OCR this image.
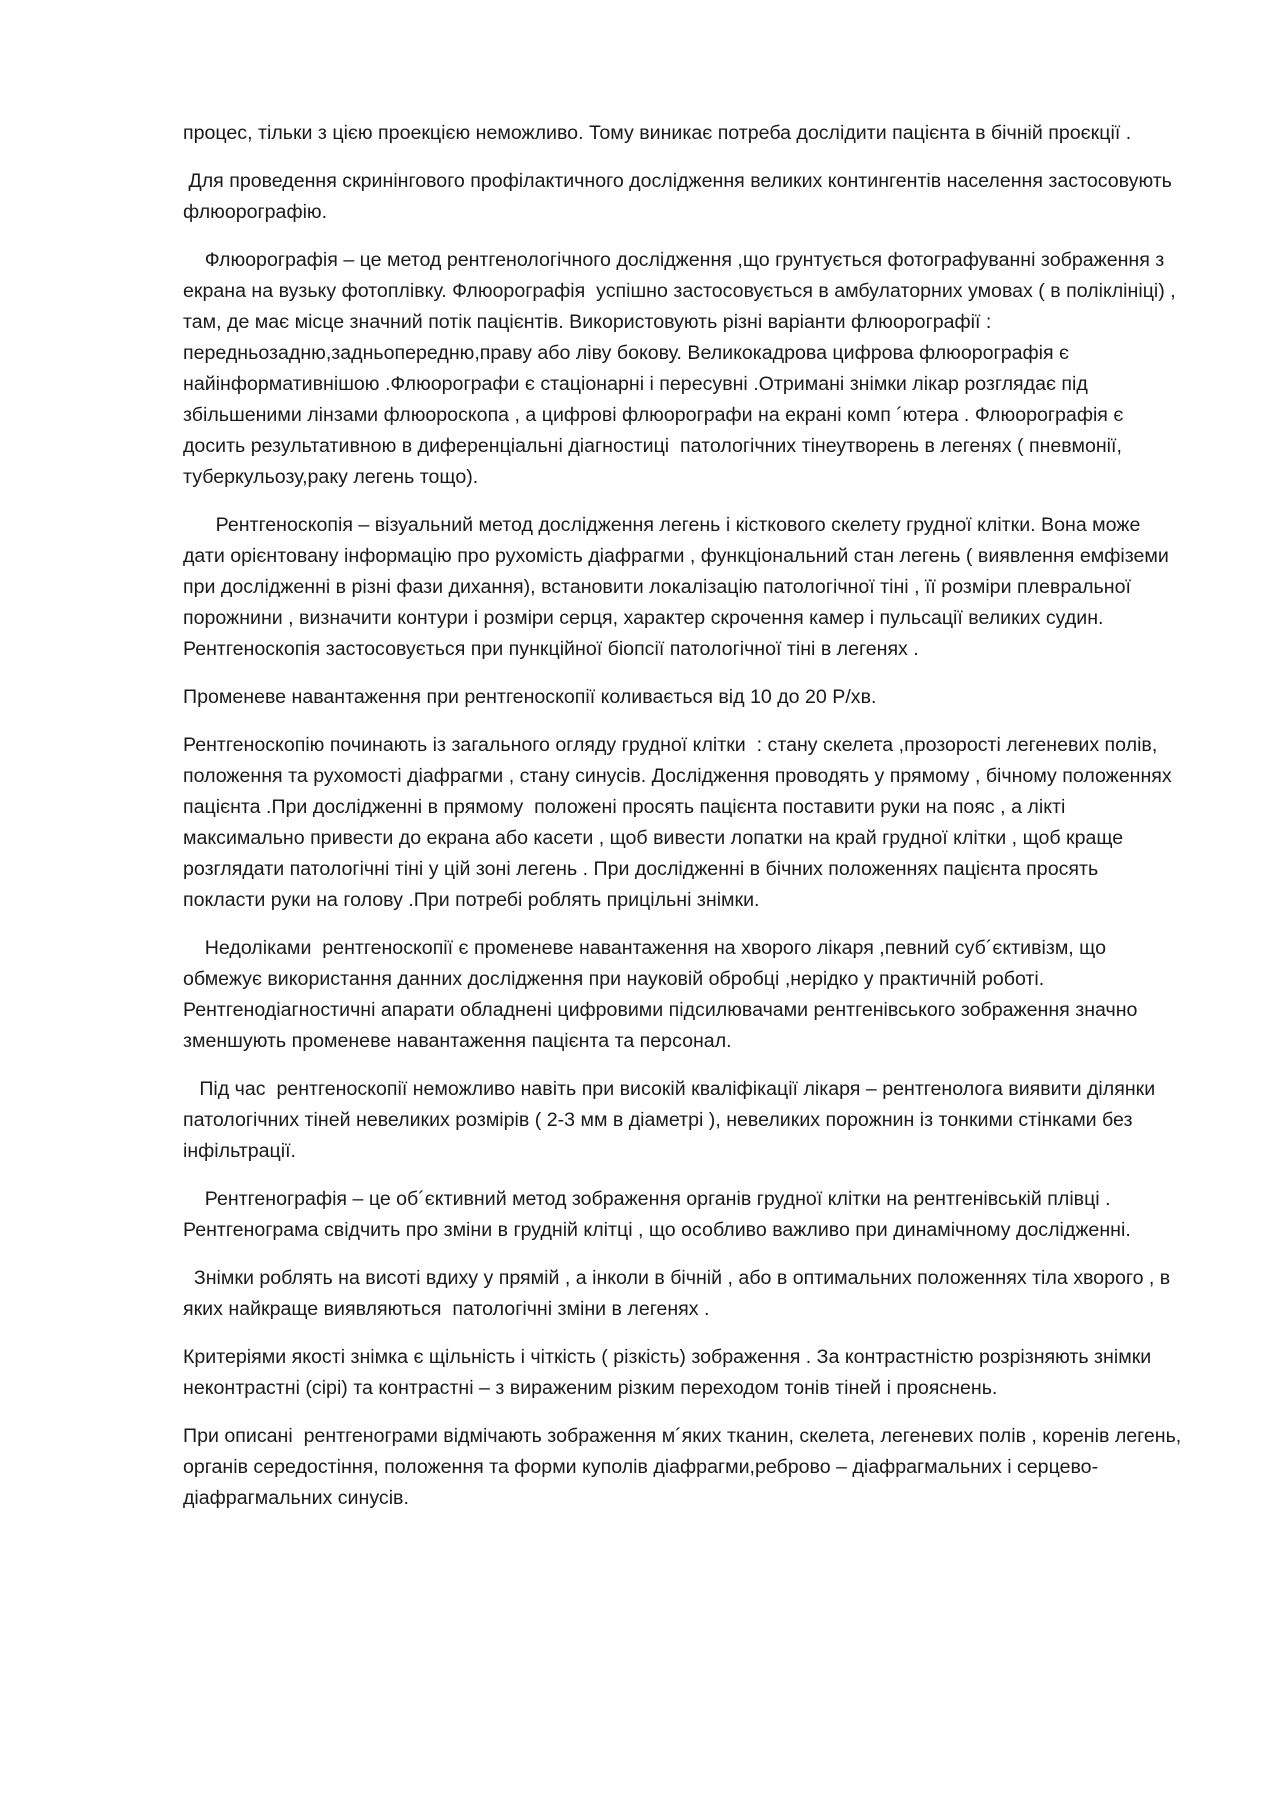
процес, тільки з цією проекцією неможливо. Тому виникає потреба дослідити пацієнта в бічній проєкції .

Для проведення скринінгового профілактичного дослідження великих контингентів населення застосовують флюорографію.

Флюорографія – це метод рентгенологічного дослідження ,що грунтується фотографуванні зображення з екрана на вузьку фотоплівку. Флюорографія  успішно застосовується в амбулаторних умовах ( в поліклініці) , там, де має місце значний потік пацієнтів. Використовують різні варіанти флюорографії : передньозадню,задньопередню,праву або ліву бокову. Великокадрова цифрова флюорографія є найінформативнішою .Флюорографи є стаціонарні і пересувні .Отримані знімки лікар розглядає під збільшеними лінзами флюороскопа , а цифрові флюорографи на екрані комп ´ютера . Флюорографія є досить результативною в диференціальні діагностиці  патологічних тінеутворень в легенях ( пневмонії, туберкульозу,раку легень тощо).

Рентгеноскопія – візуальний метод дослідження легень і кісткового скелету грудної клітки. Вона може дати орієнтовану інформацію про рухомість діафрагми , функціональний стан легень ( виявлення емфіземи при дослідженні в різні фази дихання), встановити локалізацію патологічної тіні , її розміри плевральної порожнини , визначити контури і розміри серця, характер скрочення камер і пульсації великих судин. Рентгеноскопія застосовується при пункційної біопсії патологічної тіні в легенях .

Променеве навантаження при рентгеноскопії коливається від 10 до 20 Р/хв.

Рентгеноскопію починають із загального огляду грудної клітки  : стану скелета ,прозорості легеневих полів, положення та рухомості діафрагми , стану синусів. Дослідження проводять у прямому , бічному положеннях пацієнта .При дослідженні в прямому  положені просять пацієнта поставити руки на пояс , а лікті максимально привести до екрана або касети , щоб вивести лопатки на край грудної клітки , щоб краще розглядати патологічні тіні у цій зоні легень . При дослідженні в бічних положеннях пацієнта просять покласти руки на голову .При потребі роблять прицільні знімки.

Недоліками  рентгеноскопії є променеве навантаження на хворого лікаря ,певний суб´єктивізм, що обмежує використання данних дослідження при науковій обробці ,нерідко у практичній роботі. Рентгенодіагностичні апарати обладнені цифровими підсилювачами рентгенівського зображення значно зменшують променеве навантаження пацієнта та персонал.

Під час  рентгеноскопії неможливо навіть при високій кваліфікації лікаря – рентгенолога виявити ділянки патологічних тіней невеликих розмірів ( 2-3 мм в діаметрі ), невеликих порожнин із тонкими стінками без інфільтрації.

Рентгенографія – це об´єктивний метод зображення органів грудної клітки на рентгенівській плівці . Рентгенограма свідчить про зміни в грудній клітці , що особливо важливо при динамічному дослідженні.

Знімки роблять на висоті вдиху у прямій , а інколи в бічній , або в оптимальних положеннях тіла хворого , в яких найкраще виявляються  патологічні зміни в легенях .

Критеріями якості знімка є щільність і чіткість ( різкість) зображення . За контрастністю розрізняють знімки неконтрастні (сірі) та контрастні – з вираженим різким переходом тонів тіней і прояснень.

При описані  рентгенограми відмічають зображення м´яких тканин, скелета, легеневих полів , коренів легень, органів середостіння, положення та форми куполів діафрагми,реброво – діафрагмальних і серцево- діафрагмальних синусів.
